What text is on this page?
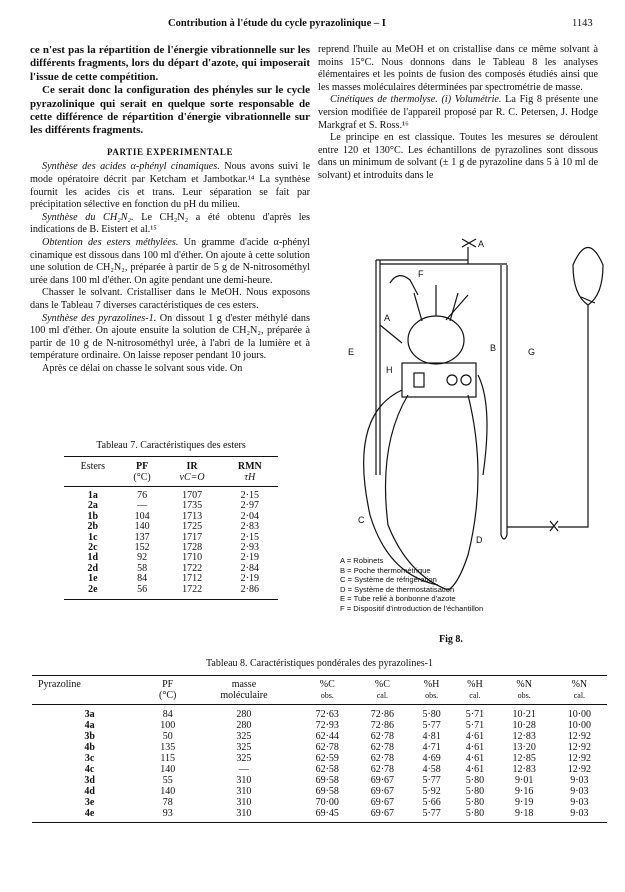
Contribution à l'étude du cycle pyrazolinique – I	1143

ce n'est pas la répartition de l'énergie vibrationnelle sur les différents fragments, lors du départ d'azote, qui imposerait l'issue de cette compétition.

Ce serait donc la configuration des phényles sur le cycle pyrazolinique qui serait en quelque sorte responsable de cette différence de répartition d'énergie vibrationnelle sur les différents fragments.

PARTIE EXPERIMENTALE

Synthèse des acides α-phényl cinamiques. Nous avons suivi le mode opératoire décrit par Ketcham et Jambotkar.¹⁴ La synthèse fournit les acides cis et trans. Leur séparation se fait par précipitation sélective en fonction du pH du milieu.

Synthèse du CH₂N₂. Le CH₂N₂ a été obtenu d'après les indications de B. Eistert et al.¹⁵

Obtention des esters méthylées. Un gramme d'acide α-phényl cinamique est dissous dans 100 ml d'éther. On ajoute à cette solution une solution de CH₂N₂, préparée à partir de 5 g de N-nitrosométhyl urée dans 100 ml d'éther. On agite pendant une demi-heure.

Chasser le solvant. Cristalliser dans le MeOH. Nous exposons dans le Tableau 7 diverses caractéristiques de ces esters.

Synthèse des pyrazolines-1. On dissout 1 g d'ester méthylé dans 100 ml d'éther. On ajoute ensuite la solution de CH₂N₂, préparée à partir de 10 g de N-nitrosométhyl urée, à l'abri de la lumière et à température ordinaire. On laisse reposer pendant 10 jours.

Après ce délai on chasse le solvant sous vide. On

Tableau 7. Caractéristiques des esters
Esters	PF	IR	RMN
	(°C)	νC=O	τH
1a	76	1707	2·15
2a	—	1735	2·97
1b	104	1713	2·04
2b	140	1725	2·83
1c	137	1717	2·15
2c	152	1728	2·93
1d	92	1710	2·19
2d	58	1722	2·84
1e	84	1712	2·19
2e	56	1722	2·86

reprend l'huile au MeOH et on cristallise dans ce même solvant à moins 15°C. Nous donnons dans le Tableau 8 les analyses élémentaires et les points de fusion des composés étudiés ainsi que les masses moléculaires déterminées par spectrométrie de masse.

Cinétiques de thermolyse. (i) Volumétrie. La Fig 8 présente une version modifiée de l'appareil proposé par R. C. Petersen, J. Hodge Markgraf et S. Ross.¹⁶

Le principe en est classique. Toutes les mesures se déroulent entre 120 et 130°C. Les échantillons de pyrazolines sont dissous dans un minimum de solvant (± 1 g de pyrazoline dans 5 à 10 ml de solvant) et introduits dans le

A
A
B
C
D
E
F
G
H
A = Robinets
B = Poche thermométrique
C = Système de réfrigération
D = Système de thermostatisation
E = Tube relié à bonbonne d'azote
F = Dispositif d'introduction de l'échantillon
Fig 8.
Tableau 8. Caractéristiques pondérales des pyrazolines-1
Pyrazoline	PF	masse	%C	%C	%H	%H	%N	%N
	(°C)	moléculaire	obs.	cal.	obs.	cal.	obs.	cal.
3a	84	280	72·63	72·86	5·80	5·71	10·21	10·00
4a	100	280	72·93	72·86	5·77	5·71	10·28	10·00
3b	50	325	62·44	62·78	4·81	4·61	12·83	12·92
4b	135	325	62·78	62·78	4·71	4·61	13·20	12·92
3c	115	325	62·59	62·78	4·69	4·61	12·85	12·92
4c	140	—	62·58	62·78	4·58	4·61	12·83	12·92
3d	55	310	69·58	69·67	5·77	5·80	9·01	9·03
4d	140	310	69·58	69·67	5·92	5·80	9·16	9·03
3e	78	310	70·00	69·67	5·66	5·80	9·19	9·03
4e	93	310	69·45	69·67	5·77	5·80	9·18	9·03
